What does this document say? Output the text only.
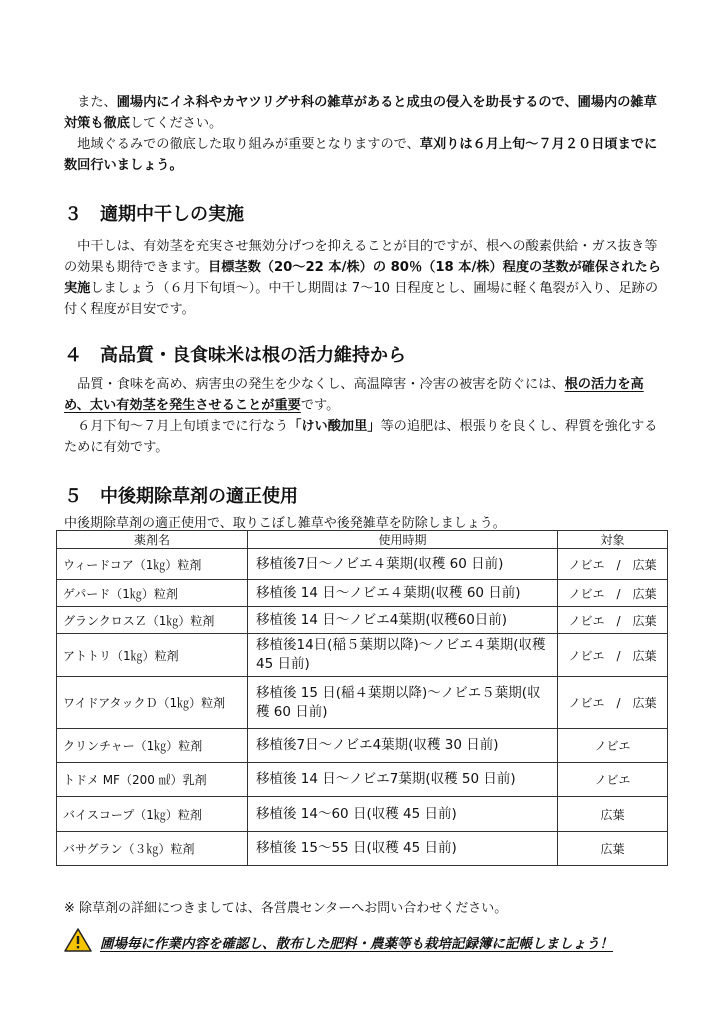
　また、圃場内にイネ科やカヤツリグサ科の雑草があると成虫の侵入を助長するので、圃場内の雑草対策も徹底してください。

　地域ぐるみでの徹底した取り組みが重要となりますので、草刈りは６月上旬～７月２０日頃までに数回行いましょう。

３　適期中干しの実施

　中干しは、有効茎を充実させ無効分げつを抑えることが目的ですが、根への酸素供給・ガス抜き等の効果も期待できます。目標茎数（20～22 本/株）の 80％（18 本/株）程度の茎数が確保されたら実施しましょう（６月下旬頃～）。中干し期間は 7～10 日程度とし、圃場に軽く亀裂が入り、足跡の付く程度が目安です。

４　高品質・良食味米は根の活力維持から

　品質・食味を高め、病害虫の発生を少なくし、高温障害・冷害の被害を防ぐには、根の活力を高め、太い有効茎を発生させることが重要です。

　６月下旬～７月上旬頃までに行なう「けい酸加里」等の追肥は、根張りを良くし、稈質を強化するために有効です。

５　中後期除草剤の適正使用

中後期除草剤の適正使用で、取りこぼし雑草や後発雑草を防除しましょう。

薬剤名	使用時期	対象
ウィードコア（1㎏）粒剤	移植後7日～ノビエ４葉期(収穫 60 日前)	ノビエ　/　広葉
ゲパード（1㎏）粒剤	移植後 14 日～ノビエ４葉期(収穫 60 日前)	ノビエ　/　広葉
グランクロスＺ（1㎏）粒剤	移植後 14 日～ノビエ4葉期(収穫60日前)	ノビエ　/　広葉
アトトリ（1㎏）粒剤	移植後14日(稲５葉期以降)～ノビエ４葉期(収穫 45 日前)	ノビエ　/　広葉
ワイドアタックＤ（1㎏）粒剤	移植後 15 日(稲４葉期以降)～ノビエ５葉期(収穫 60 日前)	ノビエ　/　広葉
クリンチャー（1㎏）粒剤	移植後7日～ノビエ4葉期(収穫 30 日前)	ノビエ
トドメ MF（200 ㎖）乳剤	移植後 14 日～ノビエ7葉期(収穫 50 日前)	ノビエ
バイスコープ（1㎏）粒剤	移植後 14～60 日(収穫 45 日前)	広葉
バサグラン（３㎏）粒剤	移植後 15～55 日(収穫 45 日前)	広葉

※ 除草剤の詳細につきましては、各営農センターへお問い合わせください。

圃場毎に作業内容を確認し、散布した肥料・農薬等も栽培記録簿に記帳しましょう！
